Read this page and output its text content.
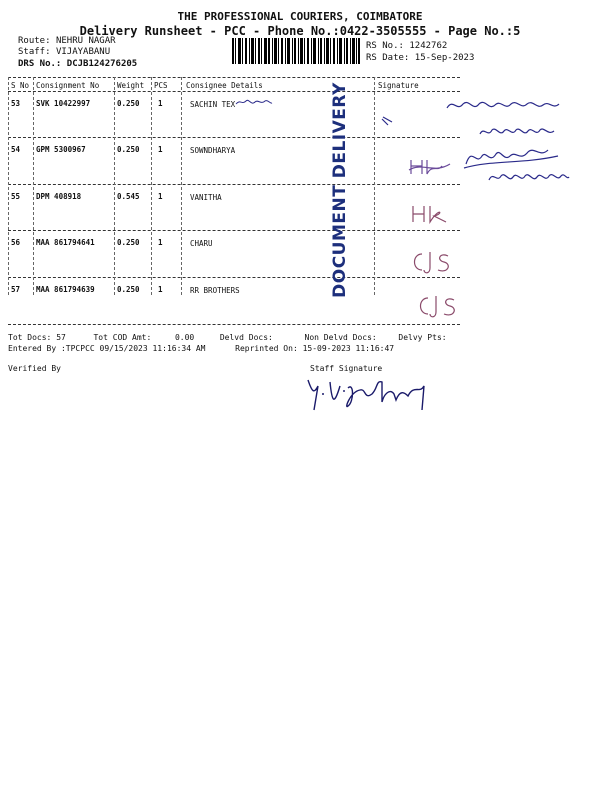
THE PROFESSIONAL COURIERS, COIMBATORE
Delivery Runsheet - PCC - Phone No.:0422-3505555 - Page No.:5
Route: NEHRU NAGAR
Staff: VIJAYABANU
DRS No.: DCJB124276205
RS No.: 1242762
RS Date: 15-Sep-2023
S No Consignment No Weight PCS Consignee Details	Signature
53 SVK 10422997	0.250 1	SACHIN TEX
54 GPM 5300967	0.250 1	SOWNDHARYA
55 DPM 408918	0.545 1	VANITHA
56 MAA 861794641	0.250 1	CHARU
57 MAA 861794639	0.250 1	RR BROTHERS	DOCUMENT DELIVERY
Tot Docs: 57	Tot COD Amt:	0.00	Delvd Docs:	Non Delvd Docs:	Delvy Pts:
Entered By :TPCPCC 09/15/2023 11:16:34 AM	Reprinted On: 15-09-2023 11:16:47
Verified By	Staff Signature
